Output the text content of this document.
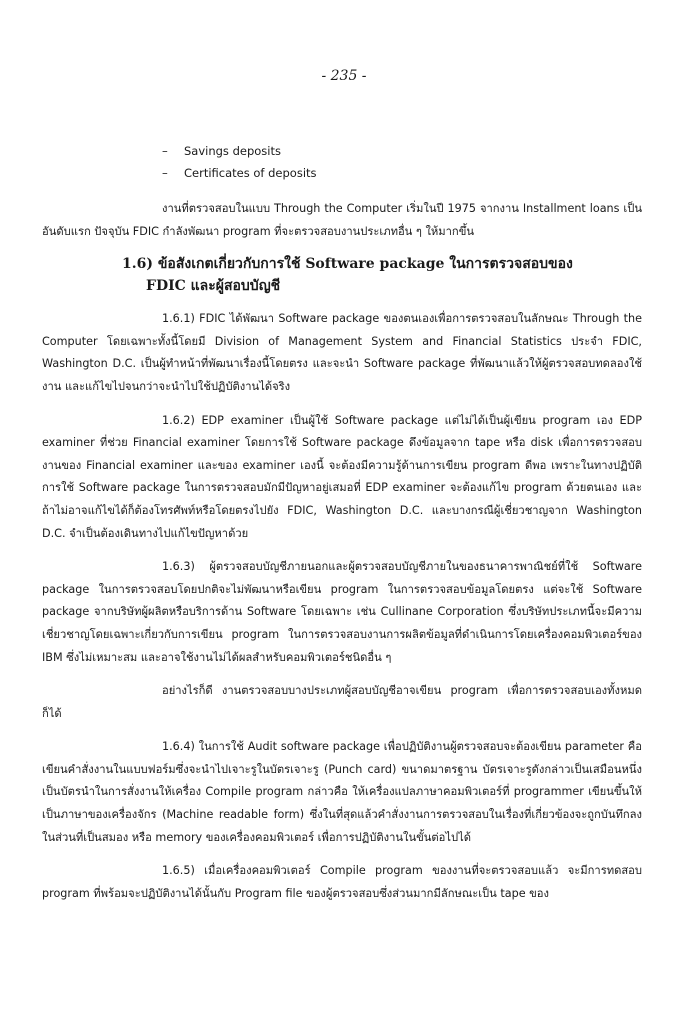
- 235 -
–	Savings deposits
–	Certificates of deposits

งานที่ตรวจสอบในแบบ Through the Computer เริ่มในปี 1975 จากงาน Installment loans เป็นอันดับแรก ปัจจุบัน FDIC กำลังพัฒนา program ที่จะตรวจสอบงานประเภทอื่น ๆ ให้มากขึ้น

1.6) ข้อสังเกตเกี่ยวกับการใช้ Software package ในการตรวจสอบของ
FDIC และผู้สอบบัญชี

1.6.1) FDIC ได้พัฒนา Software package ของตนเองเพื่อการตรวจสอบในลักษณะ Through the Computer โดยเฉพาะทั้งนี้โดยมี Division of Management System and Financial Statistics ประจำ FDIC, Washington D.C. เป็นผู้ทำหน้าที่พัฒนาเรื่องนี้โดยตรง และจะนำ Software package ที่พัฒนาแล้วให้ผู้ตรวจสอบทดลองใช้งาน และแก้ไขไปจนกว่าจะนำไปใช้ปฏิบัติงานได้จริง

1.6.2) EDP examiner เป็นผู้ใช้ Software package แต่ไม่ได้เป็นผู้เขียน program เอง EDP examiner ที่ช่วย Financial examiner โดยการใช้ Software package ดึงข้อมูลจาก tape หรือ disk เพื่อการตรวจสอบงานของ Financial examiner และของ examiner เองนี้ จะต้องมีความรู้ด้านการเขียน program ดีพอ เพราะในทางปฏิบัติการใช้ Software package ในการตรวจสอบมักมีปัญหาอยู่เสมอที่ EDP examiner จะต้องแก้ไข program ด้วยตนเอง และถ้าไม่อาจแก้ไขได้ก็ต้องโทรศัพท์หรือโดยตรงไปยัง FDIC, Washington D.C. และบางกรณีผู้เชี่ยวชาญจาก Washington D.C. จำเป็นต้องเดินทางไปแก้ไขปัญหาด้วย

1.6.3) ผู้ตรวจสอบบัญชีภายนอกและผู้ตรวจสอบบัญชีภายในของธนาคารพาณิชย์ที่ใช้ Software package ในการตรวจสอบโดยปกติจะไม่พัฒนาหรือเขียน program ในการตรวจสอบข้อมูลโดยตรง แต่จะใช้ Software package จากบริษัทผู้ผลิตหรือบริการด้าน Software โดยเฉพาะ เช่น Cullinane Corporation ซึ่งบริษัทประเภทนี้จะมีความเชี่ยวชาญโดยเฉพาะเกี่ยวกับการเขียน program ในการตรวจสอบงานการผลิตข้อมูลที่ดำเนินการโดยเครื่องคอมพิวเตอร์ของ IBM ซึ่งไม่เหมาะสม และอาจใช้งานไม่ได้ผลสำหรับคอมพิวเตอร์ชนิดอื่น ๆ

อย่างไรก็ดี งานตรวจสอบบางประเภทผู้สอบบัญชีอาจเขียน program เพื่อการตรวจสอบเองทั้งหมดก็ได้

1.6.4) ในการใช้ Audit software package เพื่อปฏิบัติงานผู้ตรวจสอบจะต้องเขียน parameter คือเขียนคำสั่งงานในแบบฟอร์มซึ่งจะนำไปเจาะรูในบัตรเจาะรู (Punch card) ขนาดมาตรฐาน บัตรเจาะรูดังกล่าวเป็นเสมือนหนึ่งเป็นบัตรนำในการสั่งงานให้เครื่อง Compile program กล่าวคือ ให้เครื่องแปลภาษาคอมพิวเตอร์ที่ programmer เขียนขึ้นให้เป็นภาษาของเครื่องจักร (Machine readable form) ซึ่งในที่สุดแล้วคำสั่งงานการตรวจสอบในเรื่องที่เกี่ยวข้องจะถูกบันทึกลงในส่วนที่เป็นสมอง หรือ memory ของเครื่องคอมพิวเตอร์ เพื่อการปฏิบัติงานในขั้นต่อไปได้

1.6.5) เมื่อเครื่องคอมพิวเตอร์ Compile program ของงานที่จะตรวจสอบแล้ว จะมีการทดสอบ program ที่พร้อมจะปฏิบัติงานได้นั้นกับ Program file ของผู้ตรวจสอบซึ่งส่วนมากมีลักษณะเป็น tape ของ
